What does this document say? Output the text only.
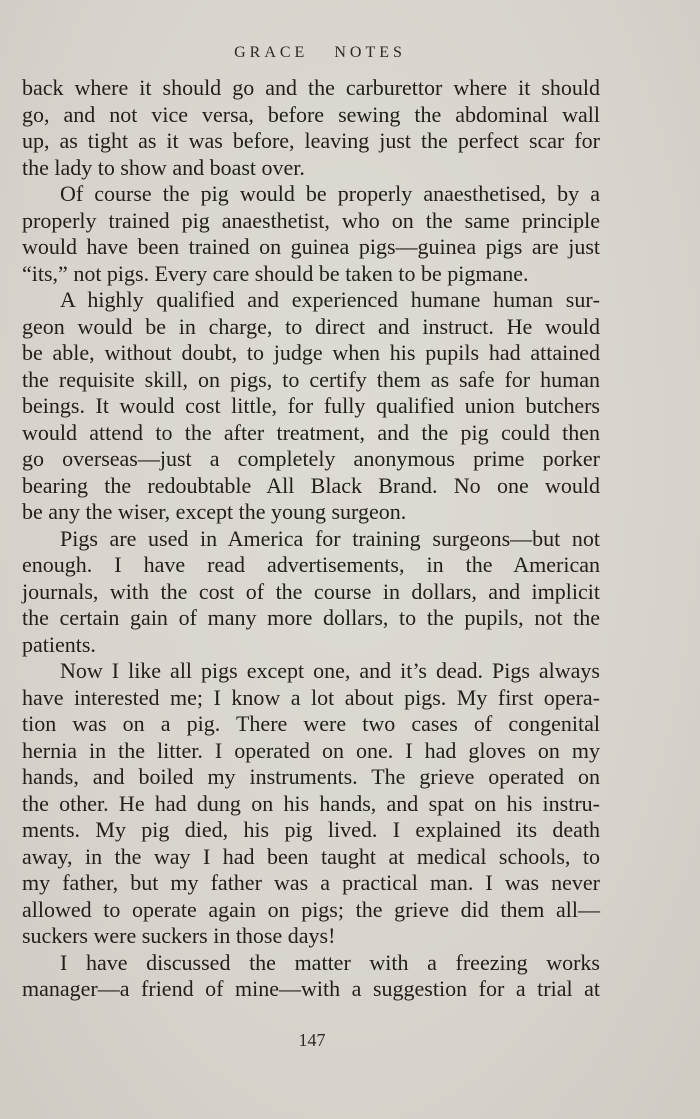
GRACE NOTES
back where it should go and the carburettor where it should
go, and not vice versa, before sewing the abdominal wall
up, as tight as it was before, leaving just the perfect scar for
the lady to show and boast over.
Of course the pig would be properly anaesthetised, by a
properly trained pig anaesthetist, who on the same principle
would have been trained on guinea pigs—guinea pigs are just
“its,” not pigs. Every care should be taken to be pigmane.
A highly qualified and experienced humane human sur‑
geon would be in charge, to direct and instruct. He would
be able, without doubt, to judge when his pupils had attained
the requisite skill, on pigs, to certify them as safe for human
beings. It would cost little, for fully qualified union butchers
would attend to the after treatment, and the pig could then
go overseas—just a completely anonymous prime porker
bearing the redoubtable All Black Brand. No one would
be any the wiser, except the young surgeon.
Pigs are used in America for training surgeons—but not
enough. I have read advertisements, in the American
journals, with the cost of the course in dollars, and implicit
the certain gain of many more dollars, to the pupils, not the
patients.
Now I like all pigs except one, and it’s dead. Pigs always
have interested me; I know a lot about pigs. My first opera‑
tion was on a pig. There were two cases of congenital
hernia in the litter. I operated on one. I had gloves on my
hands, and boiled my instruments. The grieve operated on
the other. He had dung on his hands, and spat on his instru‑
ments. My pig died, his pig lived. I explained its death
away, in the way I had been taught at medical schools, to
my father, but my father was a practical man. I was never
allowed to operate again on pigs; the grieve did them all—
suckers were suckers in those days!
I have discussed the matter with a freezing works
manager—a friend of mine—with a suggestion for a trial at
147
